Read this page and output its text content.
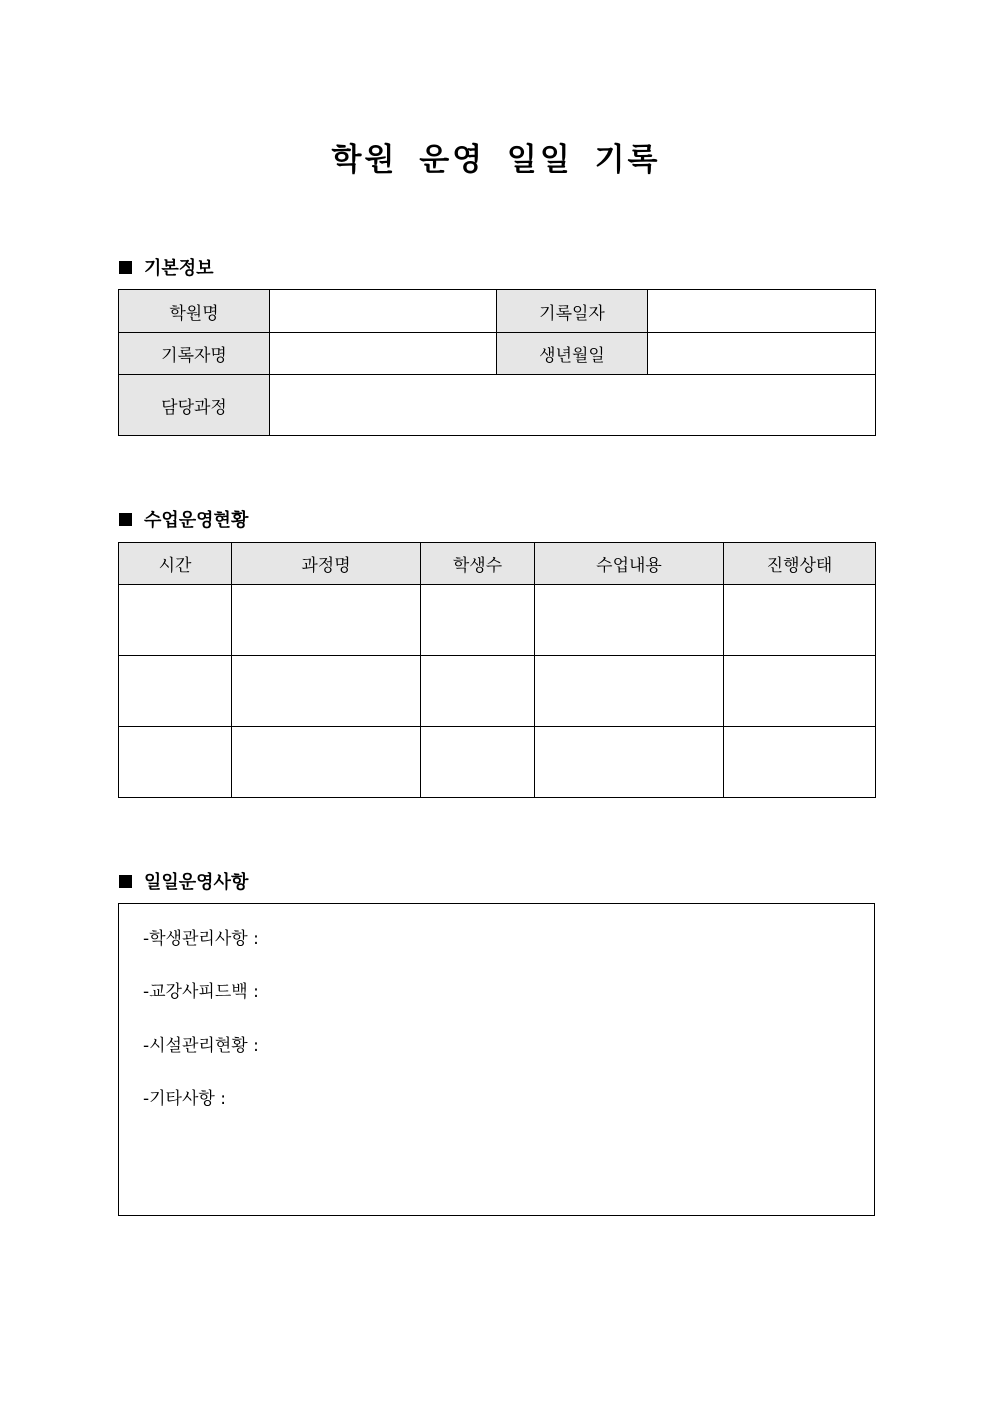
학원 운영 일일 기록
기본정보
학원명		기록일자	
기록자명		생년월일	
담당과정			
수업운영현황
시간	과정명	학생수	수업내용	진행상태

일일운영사항
-학생관리사항 :
-교강사피드백 :
-시설관리현황 :
-기타사항 :
